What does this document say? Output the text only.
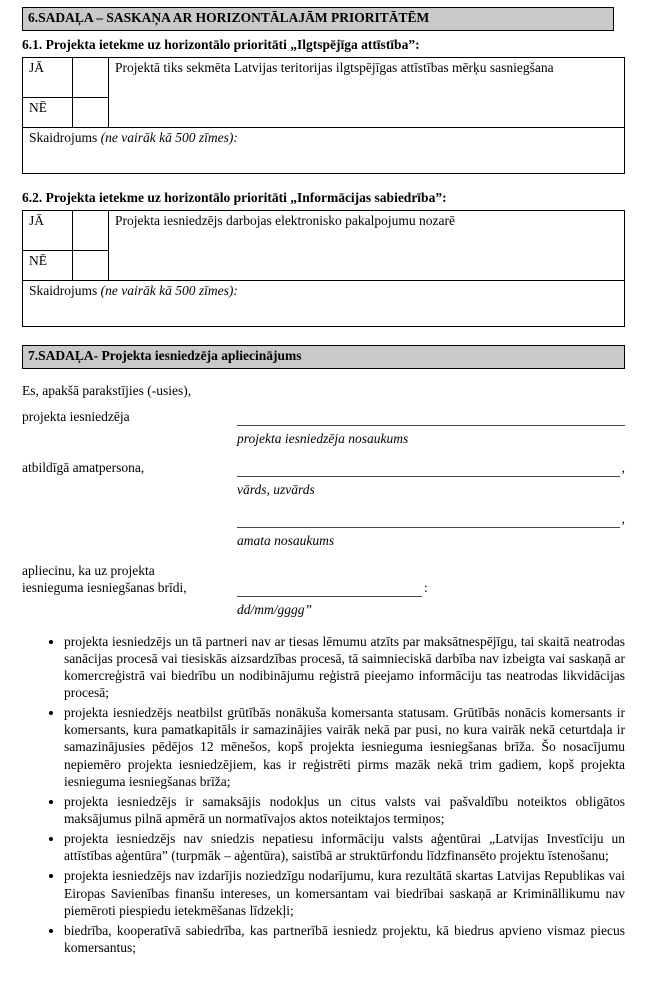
6.SADAĻA – SASKAŅA AR HORIZONTĀLAJĀM PRIORITĀTĒM
6.1. Projekta ietekme uz horizontālo prioritāti „Ilgtspējīga attīstība”:
JĀ		Projektā tiks sekmēta Latvijas teritorijas ilgtspējīgas attīstības mērķu sasniegšana
NĒ		
Skaidrojums (ne vairāk kā 500 zīmes):		
6.2. Projekta ietekme uz horizontālo prioritāti „Informācijas sabiedrība”:
JĀ		Projekta iesniedzējs darbojas elektronisko pakalpojumu nozarē
NĒ		
Skaidrojums (ne vairāk kā 500 zīmes):		
7.SADAĻA- Projekta iesniedzēja apliecinājums
Es, apakšā parakstījies (-usies),
projekta iesniedzēja
projekta iesniedzēja nosaukums
atbildīgā amatpersona,	,
vārds, uzvārds
,
amata nosaukums
apliecinu, ka uz projekta
iesnieguma iesniegšanas brīdi,	:
dd/mm/gggg”
• projekta iesniedzējs un tā partneri nav ar tiesas lēmumu atzīts par maksātnespējīgu, tai skaitā neatrodas sanācijas procesā vai tiesiskās aizsardzības procesā, tā saimnieciskā darbība nav izbeigta vai saskaņā ar komercreģistrā vai biedrību un nodibinājumu reģistrā pieejamo informāciju tas neatrodas likvidācijas procesā;
• projekta iesniedzējs neatbilst grūtībās nonākuša komersanta statusam. Grūtībās nonācis komersants ir komersants, kura pamatkapitāls ir samazinājies vairāk nekā par pusi, no kura vairāk nekā ceturtdaļa ir samazinājusies pēdējos 12 mēnešos, kopš projekta iesnieguma iesniegšanas brīža. Šo nosacījumu nepiemēro projekta iesniedzējiem, kas ir reģistrēti pirms mazāk nekā trim gadiem, kopš projekta iesnieguma iesniegšanas brīža;
• projekta iesniedzējs ir samaksājis nodokļus un citus valsts vai pašvaldību noteiktos obligātos maksājumus pilnā apmērā un normatīvajos aktos noteiktajos termiņos;
• projekta iesniedzējs nav sniedzis nepatiesu informāciju valsts aģentūrai „Latvijas Investīciju un attīstības aģentūra” (turpmāk – aģentūra), saistībā ar struktūrfondu līdzfinansēto projektu īstenošanu;
• projekta iesniedzējs nav izdarījis noziedzīgu nodarījumu, kura rezultātā skartas Latvijas Republikas vai Eiropas Savienības finanšu intereses, un komersantam vai biedrībai saskaņā ar Krimināllikumu nav piemēroti piespiedu ietekmēšanas līdzekļi;
• biedrība, kooperatīvā sabiedrība, kas partnerībā iesniedz projektu, kā biedrus apvieno vismaz piecus komersantus;
